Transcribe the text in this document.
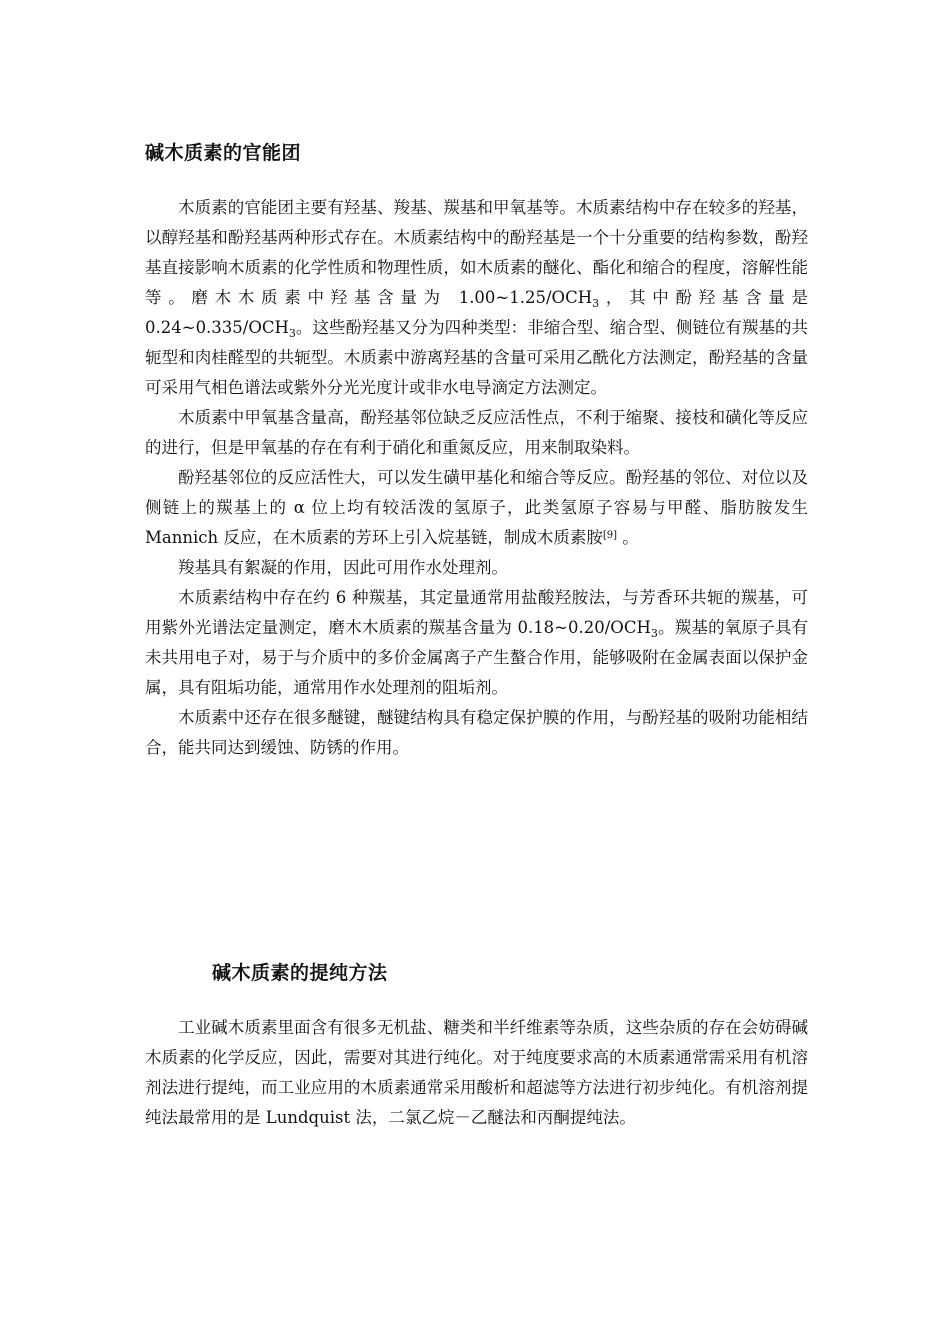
碱木质素的官能团

木质素的官能团主要有羟基、羧基、羰基和甲氧基等。木质素结构中存在较多的羟基，以醇羟基和酚羟基两种形式存在。木质素结构中的酚羟基是一个十分重要的结构参数，酚羟基直接影响木质素的化学性质和物理性质，如木质素的醚化、酯化和缩合的程度，溶解性能等。磨木木质素中羟基含量为 $1.00\sim 1.25/OCH_3$，其中酚羟基含量是 $0.24\sim 0.335/OCH_3$。这些酚羟基又分为四种类型：非缩合型、缩合型、侧链位有羰基的共轭型和肉桂醛型的共轭型。木质素中游离羟基的含量可采用乙酰化方法测定，酚羟基的含量可采用气相色谱法或紫外分光光度计或非水电导滴定方法测定。

木质素中甲氧基含量高，酚羟基邻位缺乏反应活性点，不利于缩聚、接枝和磺化等反应的进行，但是甲氧基的存在有利于硝化和重氮反应，用来制取染料。

酚羟基邻位的反应活性大，可以发生磺甲基化和缩合等反应。酚羟基的邻位、对位以及侧链上的羰基上的 α 位上均有较活泼的氢原子，此类氢原子容易与甲醛、脂肪胺发生 Mannich 反应，在木质素的芳环上引入烷基链，制成木质素胺[9] 。

羧基具有絮凝的作用，因此可用作水处理剂。

木质素结构中存在约 6 种羰基，其定量通常用盐酸羟胺法，与芳香环共轭的羰基，可用紫外光谱法定量测定，磨木木质素的羰基含量为 $0.18\sim 0.20/OCH_3$。羰基的氧原子具有未共用电子对，易于与介质中的多价金属离子产生螯合作用，能够吸附在金属表面以保护金属，具有阻垢功能，通常用作水处理剂的阻垢剂。

木质素中还存在很多醚键，醚键结构具有稳定保护膜的作用，与酚羟基的吸附功能相结合，能共同达到缓蚀、防锈的作用。

碱木质素的提纯方法

工业碱木质素里面含有很多无机盐、糖类和半纤维素等杂质，这些杂质的存在会妨碍碱木质素的化学反应，因此，需要对其进行纯化。对于纯度要求高的木质素通常需采用有机溶剂法进行提纯，而工业应用的木质素通常采用酸析和超滤等方法进行初步纯化。有机溶剂提纯法最常用的是 Lundquist 法，二氯乙烷－乙醚法和丙酮提纯法。
